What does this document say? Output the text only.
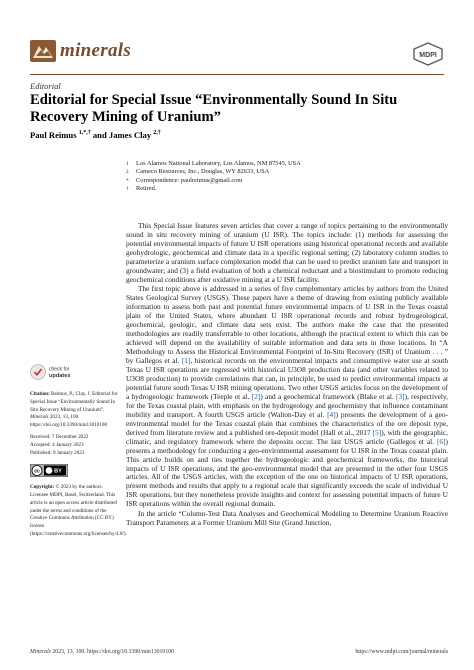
minerals	MDPI
Editorial
Editorial for Special Issue “Environmentally Sound In Situ Recovery Mining of Uranium”
Paul Reimus $^{1,*,\dagger}$ and James Clay $^{2,\dagger}$
1	Los Alamos National Laboratory, Los Alamos, NM 87545, USA
2	Cameco Resources, Inc., Douglas, WY 82633, USA
*	Correspondence: paulreimus@gmail.com
†	Retired.

This Special Issue features seven articles that cover a range of topics pertaining to the environmentally sound in situ recovery mining of uranium (U ISR). The topics include: (1) methods for assessing the potential environmental impacts of future U ISR operations using historical operational records and available geohydrologic, geochemical and climate data in a specific regional setting; (2) laboratory column studies to parameterize a uranium surface complexation model that can be used to predict uranium fate and transport in groundwater; and (3) a field evaluation of both a chemical reductant and a biostimulant to promote reducing geochemical conditions after oxidative mining at a U ISR facility.

The first topic above is addressed in a series of five complementary articles by authors from the United States Geological Survey (USGS). These papers have a theme of drawing from existing publicly available information to assess both past and potential future environmental impacts of U ISR in the Texas coastal plain of the United States, where abundant U ISR operational records and robust hydrogeological, geochemical, geologic, and climate data sets exist. The authors make the case that the presented methodologies are readily transferrable to other locations, although the practical extent to which this can be achieved will depend on the availability of suitable information and data sets in those locations. In “A Methodology to Assess the Historical Environmental Footprint of In-Situ Recovery (ISR) of Uranium . . . ” by Gallegos et al. [1], historical records on the environmental impacts and consumptive water use at south Texas U ISR operations are regressed with historical U3O8 production data (and other variables related to U3O8 production) to provide correlations that can, in principle, be used to predict environmental impacts at potential future south Texas U ISR mining operations. Two other USGS articles focus on the development of a hydrogeologic framework (Teeple et al. [2]) and a geochemical framework (Blake et al. [3]), respectively, for the Texas coastal plain, with emphasis on the hydrogeology and geochemistry that influence contaminant mobility and transport. A fourth USGS article (Walton-Day et al. [4]) presents the development of a geo-environmental model for the Texas coastal plain that combines the characteristics of the ore deposit type, derived from literature review and a published ore-deposit model (Hall et al., 2017 [5]), with the geographic, climatic, and regulatory framework where the deposits occur. The last USGS article (Gallegos et al. [6]) presents a methodology for conducting a geo-environmental assessment for U ISR in the Texas coastal plain. This article builds on and ties together the hydrogeologic and geochemical frameworks, the historical impacts of U ISR operations, and the geo-environmental model that are presented in the other four USGS articles. All of the USGS articles, with the exception of the one on historical impacts of U ISR operations, present methods and results that apply to a regional scale that significantly exceeds the scale of individual U ISR operations, but they nonetheless provide insights and context for assessing potential impacts of future U ISR operations within the overall regional domain.

In the article “Column-Test Data Analyses and Geochemical Modeling to Determine Uranium Reactive Transport Parameters at a Former Uranium Mill Site (Grand Junction,

check for
updates
Citation: Reimus, P.; Clay, J. Editorial for Special Issue “Environmentally Sound In Situ Recovery Mining of Uranium”. Minerals 2023, 13, 100. https://doi.org/10.3390/min13010100
Received: 7 December 2022
Accepted: 4 January 2023
Published: 9 January 2023
cc	BY
Copyright: © 2023 by the authors. Licensee MDPI, Basel, Switzerland. This article is an open access article distributed under the terms and conditions of the Creative Commons Attribution (CC BY) license (https://creativecommons.org/licenses/by/4.0/).
Minerals 2023, 13, 100. https://doi.org/10.3390/min13010100	https://www.mdpi.com/journal/minerals
